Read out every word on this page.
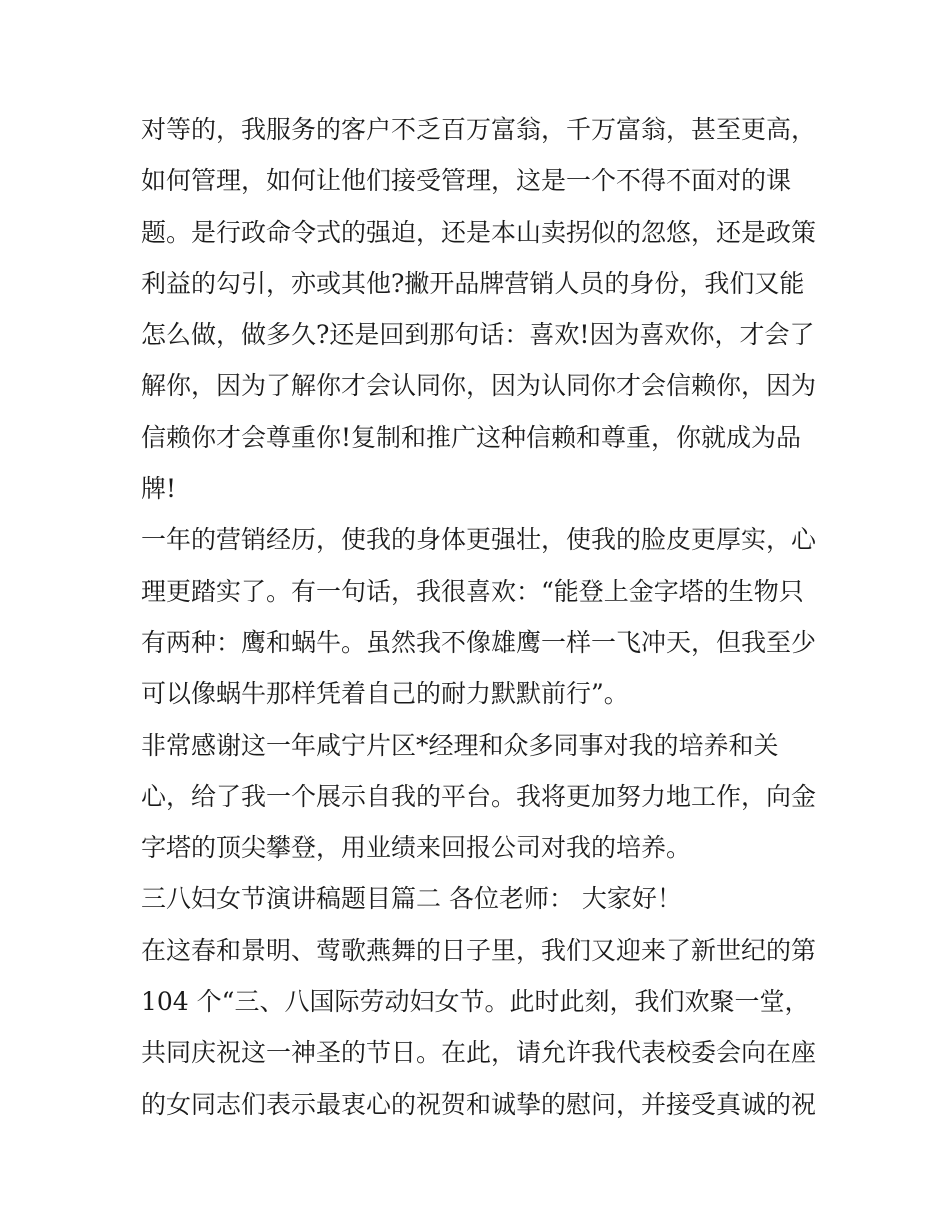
对等的，我服务的客户不乏百万富翁，千万富翁，甚至更高，
如何管理，如何让他们接受管理，这是一个不得不面对的课
题。是行政命令式的强迫，还是本山卖拐似的忽悠，还是政策
利益的勾引，亦或其他?撇开品牌营销人员的身份，我们又能
怎么做，做多久?还是回到那句话：喜欢!因为喜欢你，才会了
解你，因为了解你才会认同你，因为认同你才会信赖你，因为
信赖你才会尊重你!复制和推广这种信赖和尊重，你就成为品
牌!
一年的营销经历，使我的身体更强壮，使我的脸皮更厚实，心
理更踏实了。有一句话，我很喜欢：“能登上金字塔的生物只
有两种：鹰和蜗牛。虽然我不像雄鹰一样一飞冲天，但我至少
可以像蜗牛那样凭着自己的耐力默默前行”。
非常感谢这一年咸宁片区*经理和众多同事对我的培养和关
心，给了我一个展示自我的平台。我将更加努力地工作，向金
字塔的顶尖攀登，用业绩来回报公司对我的培养。
三八妇女节演讲稿题目篇二 各位老师： 大家好！
在这春和景明、莺歌燕舞的日子里，我们又迎来了新世纪的第
104 个“三、八国际劳动妇女节。此时此刻，我们欢聚一堂，
共同庆祝这一神圣的节日。在此，请允许我代表校委会向在座
的女同志们表示最衷心的祝贺和诚挚的慰问，并接受真诚的祝
